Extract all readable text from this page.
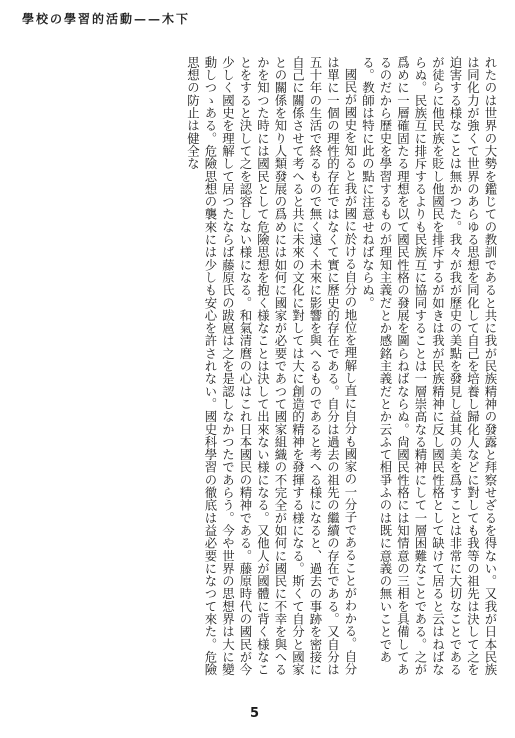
學校の學習的活動——木下

れたのは世界の大勢を鑑じての教訓であると共に我が民族精神の發露と拜察せざるを得ない。又我が日本民族は同化力が強くて世界のあらゆる思想を同化して自己を培養し歸化人などに對しても我等の祖先は決して之を迫害する様なことは無かつた。我々が我が歷史の美點を發見し益其の美を爲すことは非常に大切なことであるが徒らに他民族を貶し他國民を排斥するが如きは我が民族精神に反し國民性格として缺けて居ると云はねばならぬ。民族互に排斥するよりも民族互に協同することは一層崇高なる精神にして一層困難なことである。之が爲めに一層確固たる理想を以て國民性格の發展を圖らねばならぬ。尙國民性格には知情意の三相を具備してあるのだから歷史を學習するものが理知主義だとか感銘主義だとか云ふて相爭ふのは既に意義の無いことである。教師は特に此の點に注意せねばならぬ。

國民が國史を知ると我が國に於ける自分の地位を理解し直に自分も國家の一分子であることがわかる。自分は單に一個の理性的存在ではなくて實に歷史的存在である。自分は過去の祖先の繼續の存在である。又自分は五十年の生活で終るもので無く遠く未來に影響を與へるものであると考へる様になると、過去の事跡を密接に自己に關係させて考へると共に未來の文化に對しては大に創造的精神を發揮する様になる。斯くて自分と國家との關係を知り人類發展の爲めには如何に國家が必要であつて國家組織の不完全が如何に國民に不幸を與へるかを知つた時には國民として危險思想を抱く様なことは決して出來ない様になる。又他人が國體に背く様なことをすると決して之を認容しない様になる。和氣清麿の心はこれ日本國民の精神である。藤原時代の國民が今少しく國史を理解して居つたならば藤原氏の跋扈は之を是認しなかつたであらう。今や世界の思想界は大に變動しつゝある。危險思想の襲來には少しも安心を許されない。國史科學習の徹底は益必要になつて來た。危險思想の防止は健全な

5
